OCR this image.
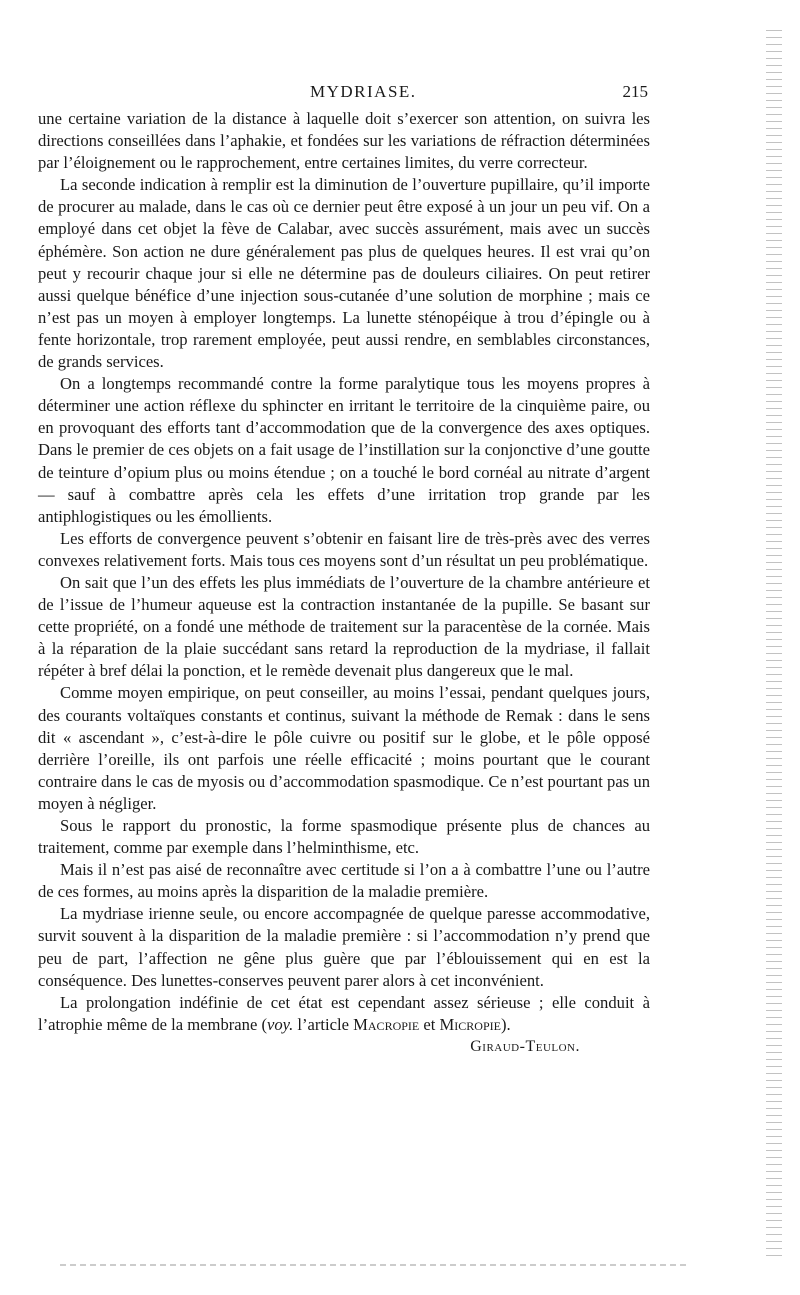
MYDRIASE.	215

une certaine variation de la distance à laquelle doit s’exercer son attention, on suivra les directions conseillées dans l’aphakie, et fondées sur les variations de réfraction déterminées par l’éloignement ou le rapprochement, entre certaines limites, du verre correcteur.

La seconde indication à remplir est la diminution de l’ouverture pupillaire, qu’il importe de procurer au malade, dans le cas où ce dernier peut être exposé à un jour un peu vif. On a employé dans cet objet la fève de Calabar, avec succès assurément, mais avec un succès éphémère. Son action ne dure généralement pas plus de quelques heures. Il est vrai qu’on peut y recourir chaque jour si elle ne détermine pas de douleurs ciliaires. On peut retirer aussi quelque bénéfice d’une injection sous-cutanée d’une solution de morphine ; mais ce n’est pas un moyen à employer longtemps. La lunette sténopéique à trou d’épingle ou à fente horizontale, trop rarement employée, peut aussi rendre, en semblables circonstances, de grands services.

On a longtemps recommandé contre la forme paralytique tous les moyens propres à déterminer une action réflexe du sphincter en irritant le territoire de la cinquième paire, ou en provoquant des efforts tant d’accommodation que de la convergence des axes optiques. Dans le premier de ces objets on a fait usage de l’instillation sur la conjonctive d’une goutte de teinture d’opium plus ou moins étendue ; on a touché le bord cornéal au nitrate d’argent — sauf à combattre après cela les effets d’une irritation trop grande par les antiphlogistiques ou les émollients.

Les efforts de convergence peuvent s’obtenir en faisant lire de très-près avec des verres convexes relativement forts. Mais tous ces moyens sont d’un résultat un peu problématique.

On sait que l’un des effets les plus immédiats de l’ouverture de la chambre antérieure et de l’issue de l’humeur aqueuse est la contraction instantanée de la pupille. Se basant sur cette propriété, on a fondé une méthode de traitement sur la paracentèse de la cornée. Mais à la réparation de la plaie succédant sans retard la reproduction de la mydriase, il fallait répéter à bref délai la ponction, et le remède devenait plus dangereux que le mal.

Comme moyen empirique, on peut conseiller, au moins l’essai, pendant quelques jours, des courants voltaïques constants et continus, suivant la méthode de Remak : dans le sens dit « ascendant », c’est-à-dire le pôle cuivre ou positif sur le globe, et le pôle opposé derrière l’oreille, ils ont parfois une réelle efficacité ; moins pourtant que le courant contraire dans le cas de myosis ou d’accommodation spasmodique. Ce n’est pourtant pas un moyen à négliger.

Sous le rapport du pronostic, la forme spasmodique présente plus de chances au traitement, comme par exemple dans l’helminthisme, etc.

Mais il n’est pas aisé de reconnaître avec certitude si l’on a à combattre l’une ou l’autre de ces formes, au moins après la disparition de la maladie première.

La mydriase irienne seule, ou encore accompagnée de quelque paresse accommodative, survit souvent à la disparition de la maladie première : si l’accommodation n’y prend que peu de part, l’affection ne gêne plus guère que par l’éblouissement qui en est la conséquence. Des lunettes-conserves peuvent parer alors à cet inconvénient.

La prolongation indéfinie de cet état est cependant assez sérieuse ; elle conduit à l’atrophie même de la membrane (voy. l’article Macropie et Micropie).

Giraud-Teulon.
